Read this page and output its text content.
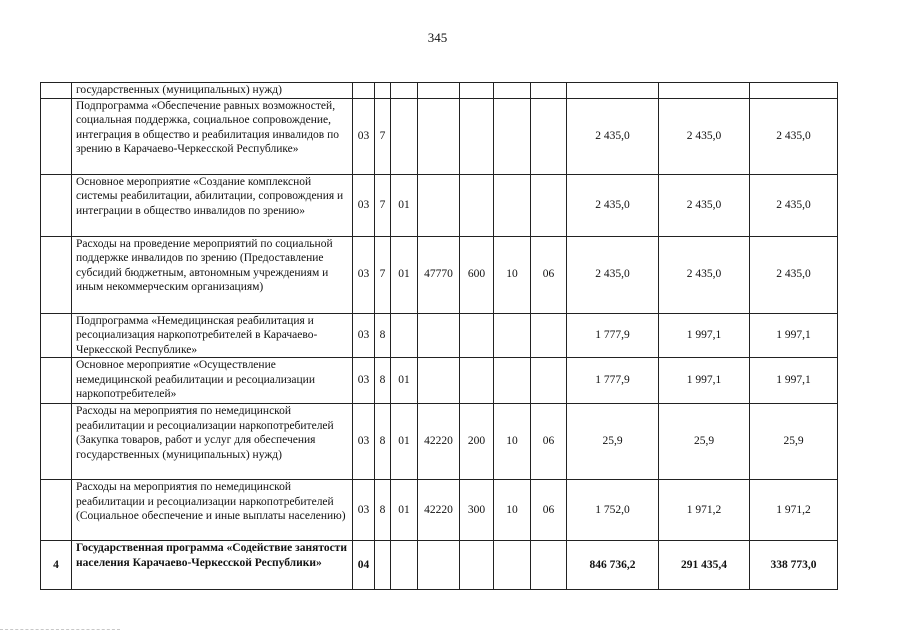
345
	государственных (муниципальных) нужд)										
	Подпрограмма «Обеспечение равных возможностей, социальная поддержка, социальное сопровождение, интеграция в общество и реабилитация инвалидов по зрению в Карачаево-Черкесской Республике»	03	7						2 435,0	2 435,0	2 435,0
	Основное мероприятие «Создание комплексной системы реабилитации, абилитации, сопровождения и интеграции в общество инвалидов по зрению»	03	7	01					2 435,0	2 435,0	2 435,0
	Расходы на проведение мероприятий по социальной поддержке инвалидов по зрению (Предоставление субсидий бюджетным, автономным учреждениям и иным некоммерческим организациям)	03	7	01	47770	600	10	06	2 435,0	2 435,0	2 435,0
	Подпрограмма «Немедицинская реабилитация и ресоциализация наркопотребителей в Карачаево-Черкесской Республике»	03	8						1 777,9	1 997,1	1 997,1
	Основное мероприятие «Осуществление немедицинской реабилитации и ресоциализации наркопотребителей»	03	8	01					1 777,9	1 997,1	1 997,1
	Расходы на мероприятия по немедицинской реабилитации и ресоциализации наркопотребителей (Закупка товаров, работ и услуг для обеспечения государственных (муниципальных) нужд)	03	8	01	42220	200	10	06	25,9	25,9	25,9
	Расходы на мероприятия по немедицинской реабилитации и ресоциализации наркопотребителей (Социальное обеспечение и иные выплаты населению)	03	8	01	42220	300	10	06	1 752,0	1 971,2	1 971,2
4	Государственная программа «Содействие занятости населения Карачаево-Черкесской Республики»	04							846 736,2	291 435,4	338 773,0
